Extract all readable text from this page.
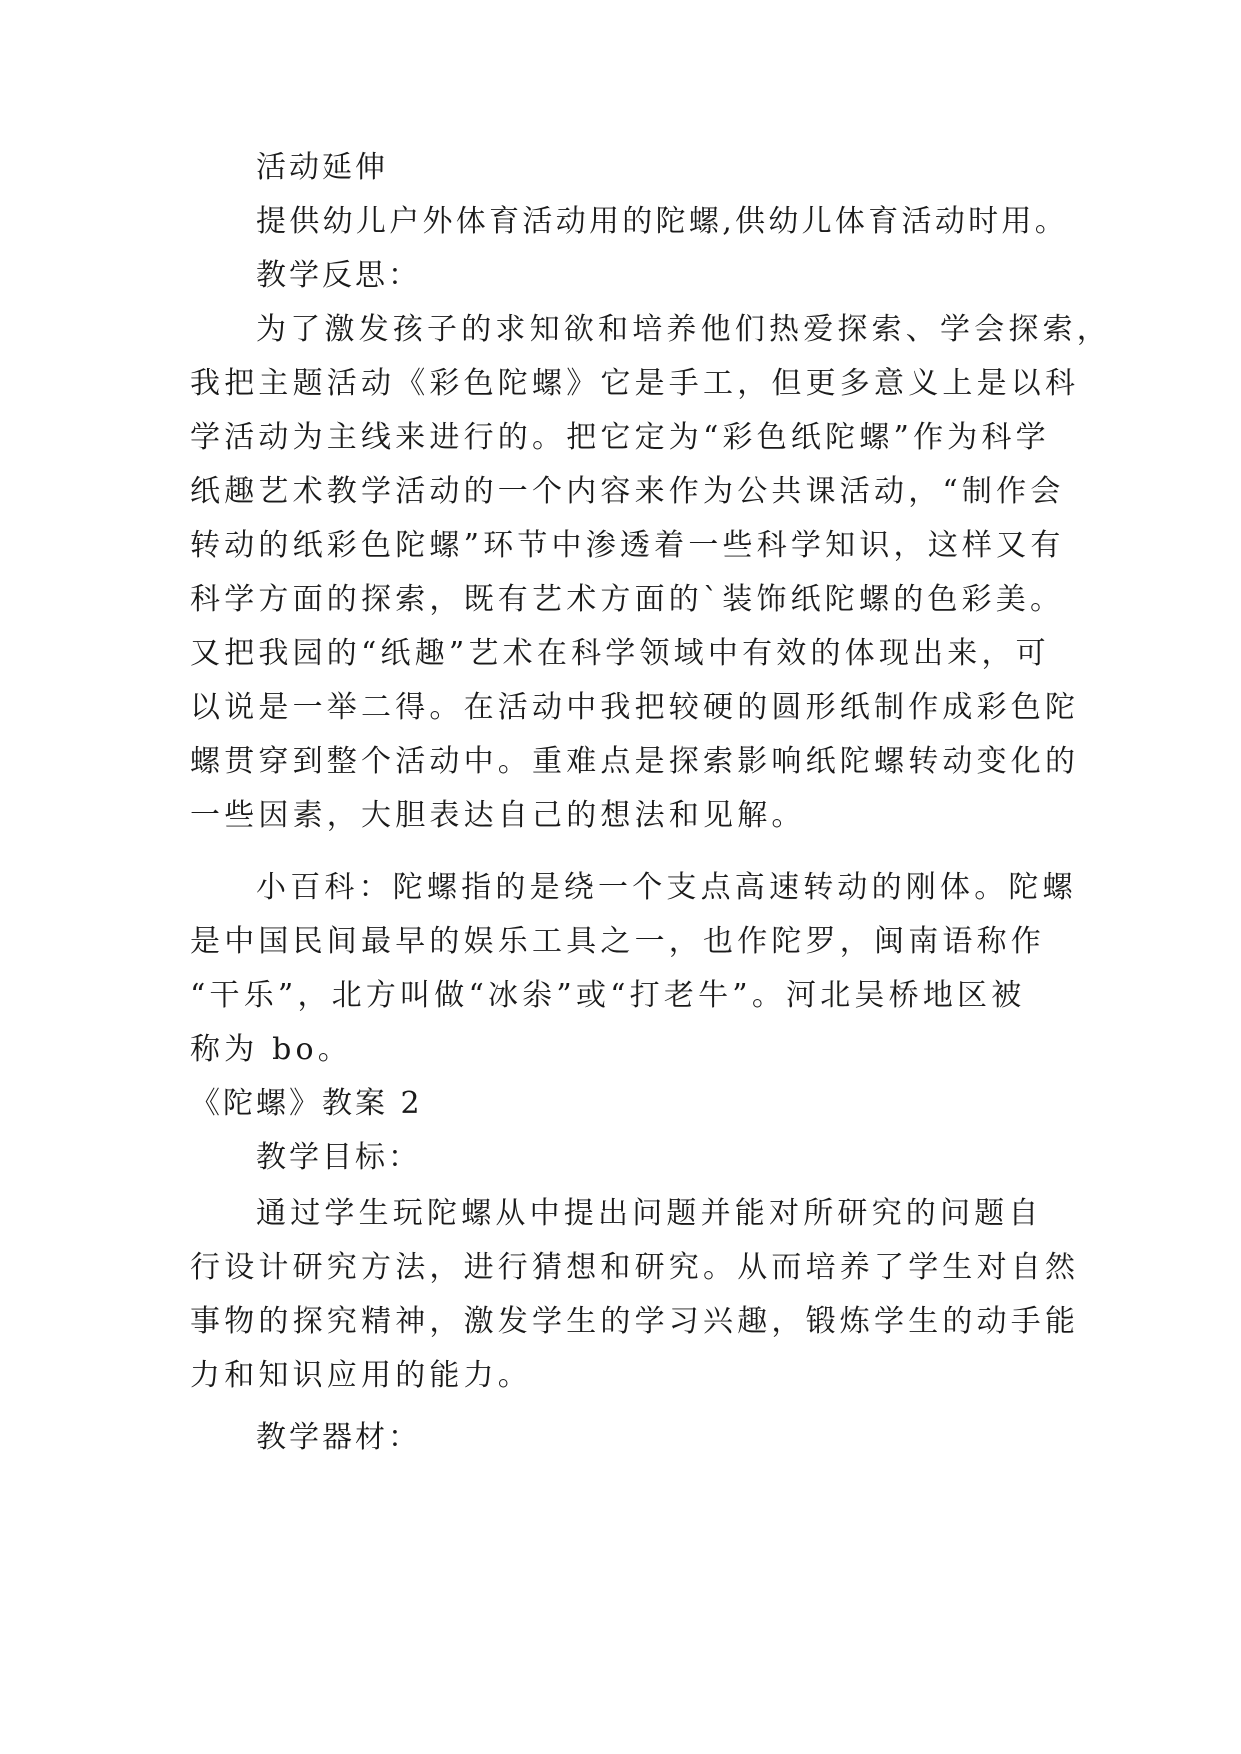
活动延伸
提供幼儿户外体育活动用的陀螺,供幼儿体育活动时用。
教学反思：
为了激发孩子的求知欲和培养他们热爱探索、学会探索，
我把主题活动《彩色陀螺》它是手工，但更多意义上是以科
学活动为主线来进行的。把它定为“彩色纸陀螺”作为科学
纸趣艺术教学活动的一个内容来作为公共课活动，“制作会
转动的纸彩色陀螺”环节中渗透着一些科学知识，这样又有
科学方面的探索，既有艺术方面的`装饰纸陀螺的色彩美。
又把我园的“纸趣”艺术在科学领域中有效的体现出来，可
以说是一举二得。在活动中我把较硬的圆形纸制作成彩色陀
螺贯穿到整个活动中。重难点是探索影响纸陀螺转动变化的
一些因素，大胆表达自己的想法和见解。
小百科：陀螺指的是绕一个支点高速转动的刚体。陀螺
是中国民间最早的娱乐工具之一，也作陀罗，闽南语称作
“干乐”，北方叫做“冰尜”或“打老牛”。河北吴桥地区被
称为 bo。
《陀螺》教案 2
教学目标：
通过学生玩陀螺从中提出问题并能对所研究的问题自
行设计研究方法，进行猜想和研究。从而培养了学生对自然
事物的探究精神，激发学生的学习兴趣，锻炼学生的动手能
力和知识应用的能力。
教学器材：
